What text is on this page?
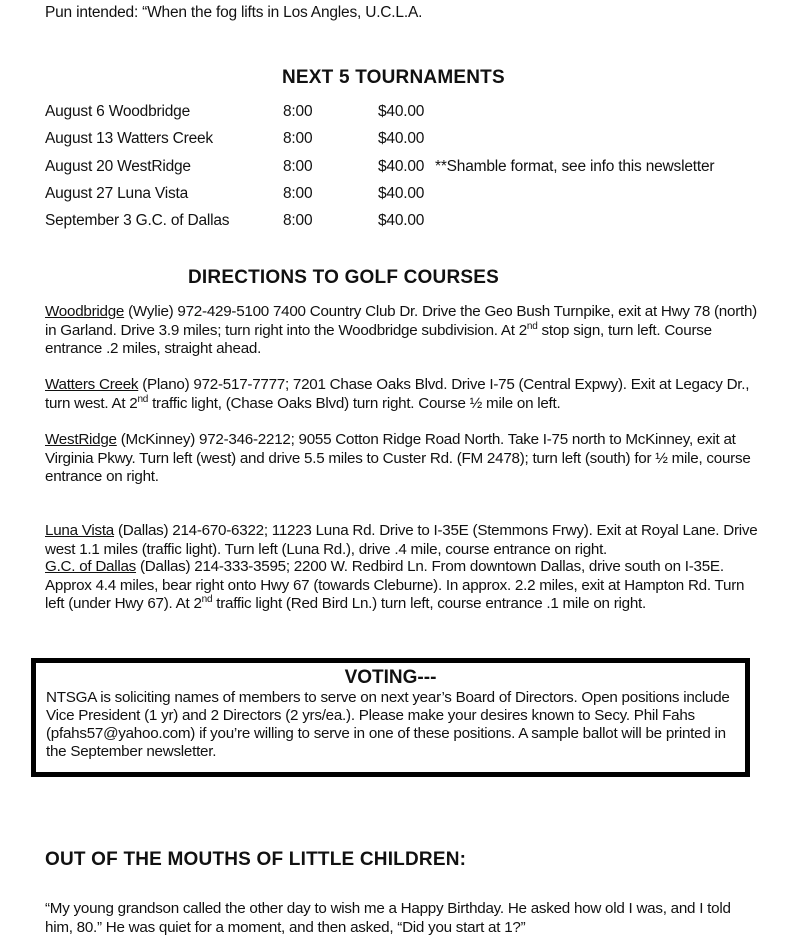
Pun intended: “When the fog lifts in Los Angles, U.C.L.A.
NEXT 5 TOURNAMENTS
August 6 Woodbridge	8:00	$40.00
August 13 Watters Creek	8:00	$40.00
August 20 WestRidge	8:00	$40.00 **Shamble format, see info this newsletter
August 27 Luna Vista	8:00	$40.00
September 3 G.C. of Dallas	8:00	$40.00
DIRECTIONS TO GOLF COURSES

Woodbridge (Wylie) 972-429-5100 7400 Country Club Dr. Drive the Geo Bush Turnpike, exit at Hwy 78 (north) in Garland. Drive 3.9 miles; turn right into the Woodbridge subdivision. At 2nd stop sign, turn left. Course entrance .2 miles, straight ahead.

Watters Creek (Plano) 972-517-7777; 7201 Chase Oaks Blvd. Drive I-75 (Central Expwy). Exit at Legacy Dr., turn west. At 2nd traffic light, (Chase Oaks Blvd) turn right. Course ½ mile on left.

WestRidge (McKinney) 972-346-2212; 9055 Cotton Ridge Road North. Take I-75 north to McKinney, exit at Virginia Pkwy. Turn left (west) and drive 5.5 miles to Custer Rd. (FM 2478); turn left (south) for ½ mile, course entrance on right.

Luna Vista (Dallas) 214-670-6322; 11223 Luna Rd. Drive to I-35E (Stemmons Frwy). Exit at Royal Lane. Drive west 1.1 miles (traffic light). Turn left (Luna Rd.), drive .4 mile, course entrance on right.

G.C. of Dallas (Dallas) 214-333-3595; 2200 W. Redbird Ln. From downtown Dallas, drive south on I-35E. Approx 4.4 miles, bear right onto Hwy 67 (towards Cleburne). In approx. 2.2 miles, exit at Hampton Rd. Turn left (under Hwy 67). At 2nd traffic light (Red Bird Ln.) turn left, course entrance .1 mile on right.

VOTING---
NTSGA is soliciting names of members to serve on next year’s Board of Directors. Open positions include Vice President (1 yr) and 2 Directors (2 yrs/ea.). Please make your desires known to Secy. Phil Fahs (pfahs57@yahoo.com) if you’re willing to serve in one of these positions. A sample ballot will be printed in the September newsletter.
OUT OF THE MOUTHS OF LITTLE CHILDREN:

“My young grandson called the other day to wish me a Happy Birthday. He asked how old I was, and I told him, 80.” He was quiet for a moment, and then asked, “Did you start at 1?”
